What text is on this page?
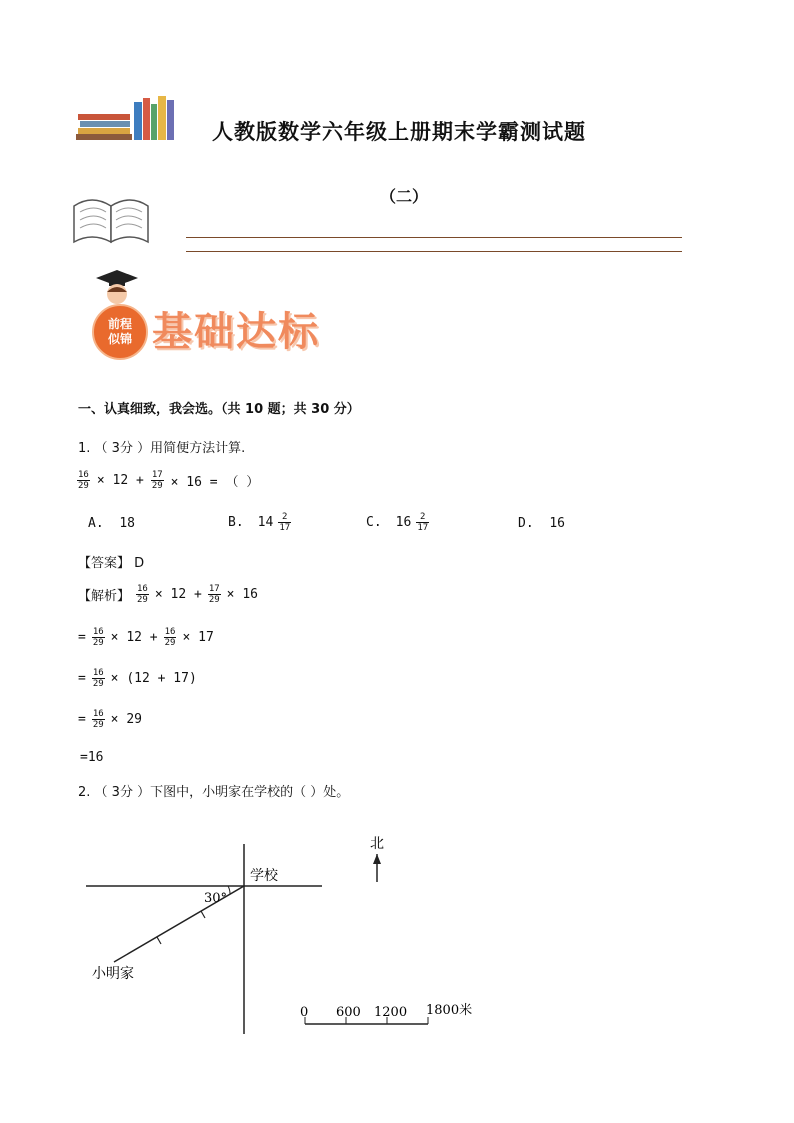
人教版数学六年级上册期末学霸测试题
（二）
前程
似锦 基础达标
一、认真细致，我会选。（共 10 题；共 30 分）
1. （ 3分 ）用简便方法计算.
$\frac{16}{29} \times 12 + \frac{17}{29} \times 16$ = （ ）
A. 18	B. $14 \frac{2}{17}$	C. $16 \frac{2}{17}$	D. 16
【答案】 D
【解析】 $\frac{16}{29} \times 12 + \frac{17}{29} \times 16$
= $\frac{16}{29} \times 12 + \frac{16}{29} \times 17$
= $\frac{16}{29} \times (12 + 17)$
= $\frac{16}{29} \times 29$
=16
2. （ 3分 ）下图中，小明家在学校的（ ）处。
30°
学校
小明家
北
0 600 1200 1800米
